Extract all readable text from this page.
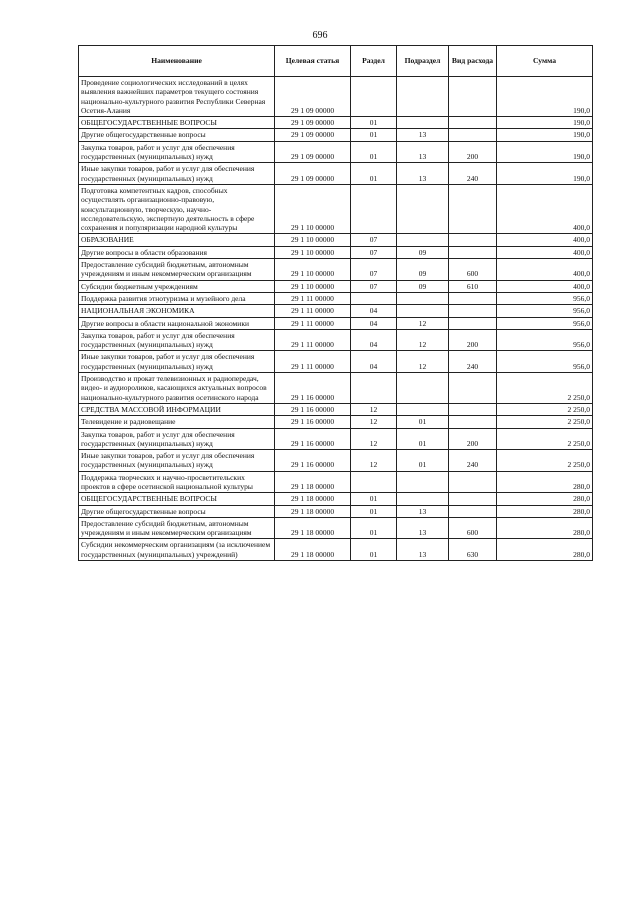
696
Наименование	Целевая статья	Раздел	Подраздел	Вид расхода	Сумма
Проведение социологических исследований в целях выявления важнейших параметров текущего состояния национально-культурного развития Республики Северная Осетия-Алания	29 1 09 00000				190,0
ОБЩЕГОСУДАРСТВЕННЫЕ ВОПРОСЫ	29 1 09 00000	01			190,0
Другие общегосударственные вопросы	29 1 09 00000	01	13		190,0
Закупка товаров, работ и услуг для обеспечения государственных (муниципальных) нужд	29 1 09 00000	01	13	200	190,0
Иные закупки товаров, работ и услуг для обеспечения государственных (муниципальных) нужд	29 1 09 00000	01	13	240	190,0
Подготовка компетентных кадров, способных осуществлять организационно-правовую, консультационную, творческую, научно-исследовательскую, экспертную деятельность в сфере сохранения и популяризации народной культуры	29 1 10 00000				400,0
ОБРАЗОВАНИЕ	29 1 10 00000	07			400,0
Другие вопросы в области образования	29 1 10 00000	07	09		400,0
Предоставление субсидий бюджетным, автономным учреждениям и иным некоммерческим организациям	29 1 10 00000	07	09	600	400,0
Субсидии бюджетным учреждениям	29 1 10 00000	07	09	610	400,0
Поддержка развития этнотуризма и музейного дела	29 1 11 00000				956,0
НАЦИОНАЛЬНАЯ ЭКОНОМИКА	29 1 11 00000	04			956,0
Другие вопросы в области национальной экономики	29 1 11 00000	04	12		956,0
Закупка товаров, работ и услуг для обеспечения государственных (муниципальных) нужд	29 1 11 00000	04	12	200	956,0
Иные закупки товаров, работ и услуг для обеспечения государственных (муниципальных) нужд	29 1 11 00000	04	12	240	956,0
Производство и прокат телевизионных и радиопередач, видео- и аудиороликов, касающихся актуальных вопросов национально-культурного развития осетинского народа	29 1 16 00000				2 250,0
СРЕДСТВА МАССОВОЙ ИНФОРМАЦИИ	29 1 16 00000	12			2 250,0
Телевидение и радиовещание	29 1 16 00000	12	01		2 250,0
Закупка товаров, работ и услуг для обеспечения государственных (муниципальных) нужд	29 1 16 00000	12	01	200	2 250,0
Иные закупки товаров, работ и услуг для обеспечения государственных (муниципальных) нужд	29 1 16 00000	12	01	240	2 250,0
Поддержка творческих и научно-просветительских проектов в сфере осетинской национальной культуры	29 1 18 00000				280,0
ОБЩЕГОСУДАРСТВЕННЫЕ ВОПРОСЫ	29 1 18 00000	01			280,0
Другие общегосударственные вопросы	29 1 18 00000	01	13		280,0
Предоставление субсидий бюджетным, автономным учреждениям и иным некоммерческим организациям	29 1 18 00000	01	13	600	280,0
Субсидии некоммерческим организациям (за исключением государственных (муниципальных) учреждений)	29 1 18 00000	01	13	630	280,0
